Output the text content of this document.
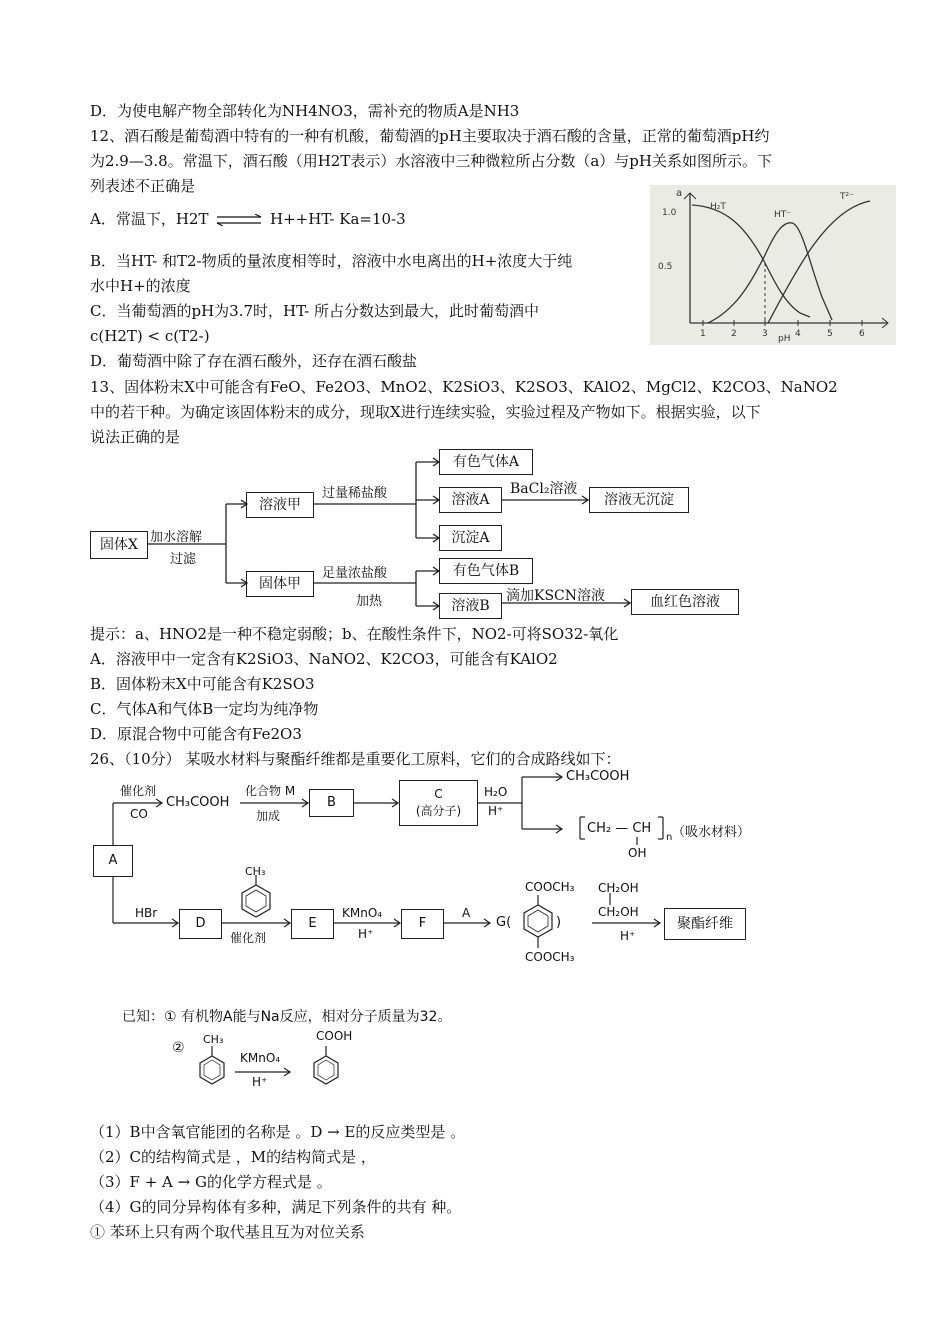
D．为使电解产物全部转化为NH4NO3，需补充的物质A是NH3
12、酒石酸是葡萄酒中特有的一种有机酸，葡萄酒的pH主要取决于酒石酸的含量，正常的葡萄酒pH约
为2.9—3.8。常温下，酒石酸（用H2T表示）水溶液中三种微粒所占分数（a）与pH关系如图所示。下
列表述不正确是
A．常温下，H2T ⇌ H++HT- Ka=10-3
B．当HT- 和T2-物质的量浓度相等时，溶液中水电离出的H+浓度大于纯
水中H+的浓度
C．当葡萄酒的pH为3.7时，HT- 所占分数达到最大，此时葡萄酒中
c(H2T) < c(T2-)
D．葡萄酒中除了存在酒石酸外，还存在酒石酸盐
13、固体粉末X中可能含有FeO、Fe2O3、MnO2、K2SiO3、K2SO3、KAlO2、MgCl2、K2CO3、NaNO2
中的若干种。为确定该固体粉末的成分，现取X进行连续实验，实验过程及产物如下。根据实验，以下
说法正确的是
a
1.0
0.5
1	2	3	4	5	6
pH
H₂T
HT⁻
T²⁻
固体X 加水溶解
过滤
溶液甲
固体甲
过量稀盐酸
足量浓盐酸
加热
有色气体A
溶液A
沉淀A
BaCl₂溶液
溶液无沉淀
有色气体B
溶液B
滴加KSCN溶液	血红色溶液
提示：a、HNO2是一种不稳定弱酸；b、在酸性条件下，NO2-可将SO32-氧化
A．溶液甲中一定含有K2SiO3、NaNO2、K2CO3，可能含有KAlO2
B．固体粉末X中可能含有K2SO3
C．气体A和气体B一定均为纯净物
D．原混合物中可能含有Fe2O3
26、（10分） 某吸水材料与聚酯纤维都是重要化工原料，它们的合成路线如下：
催化剂
CO
CH₃COOH
化合物 M
加成
B
C
(高分子)
H₂O
H⁺
CH₃COOH
CH₂ — CH
n
OH
（吸水材料）
A
HBr
D
CH₃
催化剂
E
KMnO₄
H⁺
F
A
G(	)
COOCH₃
COOCH₃
CH₂OH
CH₂OH
H⁺
聚酯纤维
已知：① 有机物A能与Na反应，相对分子质量为32。
②
CH₃
KMnO₄
H⁺
COOH
（1）B中含氧官能团的名称是 。D → E的反应类型是 。
（2）C的结构简式是 ，M的结构简式是 ，
（3）F + A → G的化学方程式是 。
（4）G的同分异构体有多种，满足下列条件的共有 种。
① 苯环上只有两个取代基且互为对位关系
